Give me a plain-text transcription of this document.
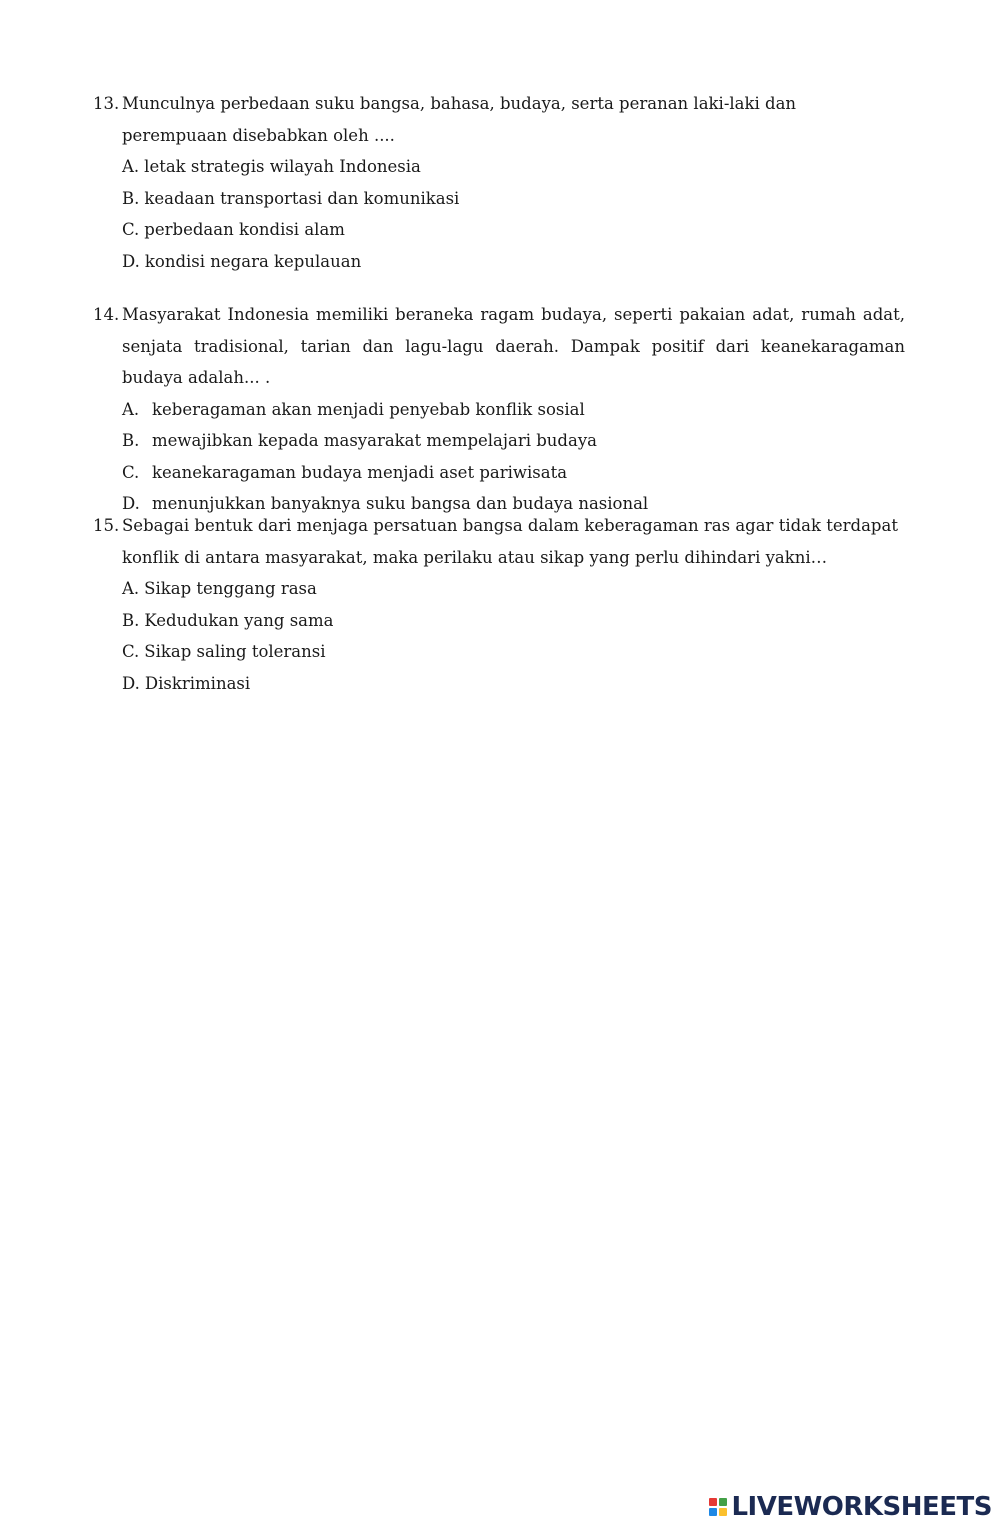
13. Munculnya perbedaan suku bangsa, bahasa, budaya, serta peranan laki-laki dan perempuaan disebabkan oleh ....
A. letak strategis wilayah Indonesia
B. keadaan transportasi dan komunikasi
C. perbedaan kondisi alam
D. kondisi negara kepulauan
14. Masyarakat Indonesia memiliki beraneka ragam budaya, seperti pakaian adat, rumah adat, senjata tradisional, tarian dan lagu-lagu daerah. Dampak positif dari keanekaragaman budaya adalah... .
A. keberagaman akan menjadi penyebab konflik sosial
B. mewajibkan kepada masyarakat mempelajari budaya
C. keanekaragaman budaya menjadi aset pariwisata
D. menunjukkan banyaknya suku bangsa dan budaya nasional
15. Sebagai bentuk dari menjaga persatuan bangsa dalam keberagaman ras agar tidak terdapat konflik di antara masyarakat, maka perilaku atau sikap yang perlu dihindari yakni…
A. Sikap tenggang rasa
B. Kedudukan yang sama
C. Sikap saling toleransi
D. Diskriminasi
LIVEWORKSHEETS
